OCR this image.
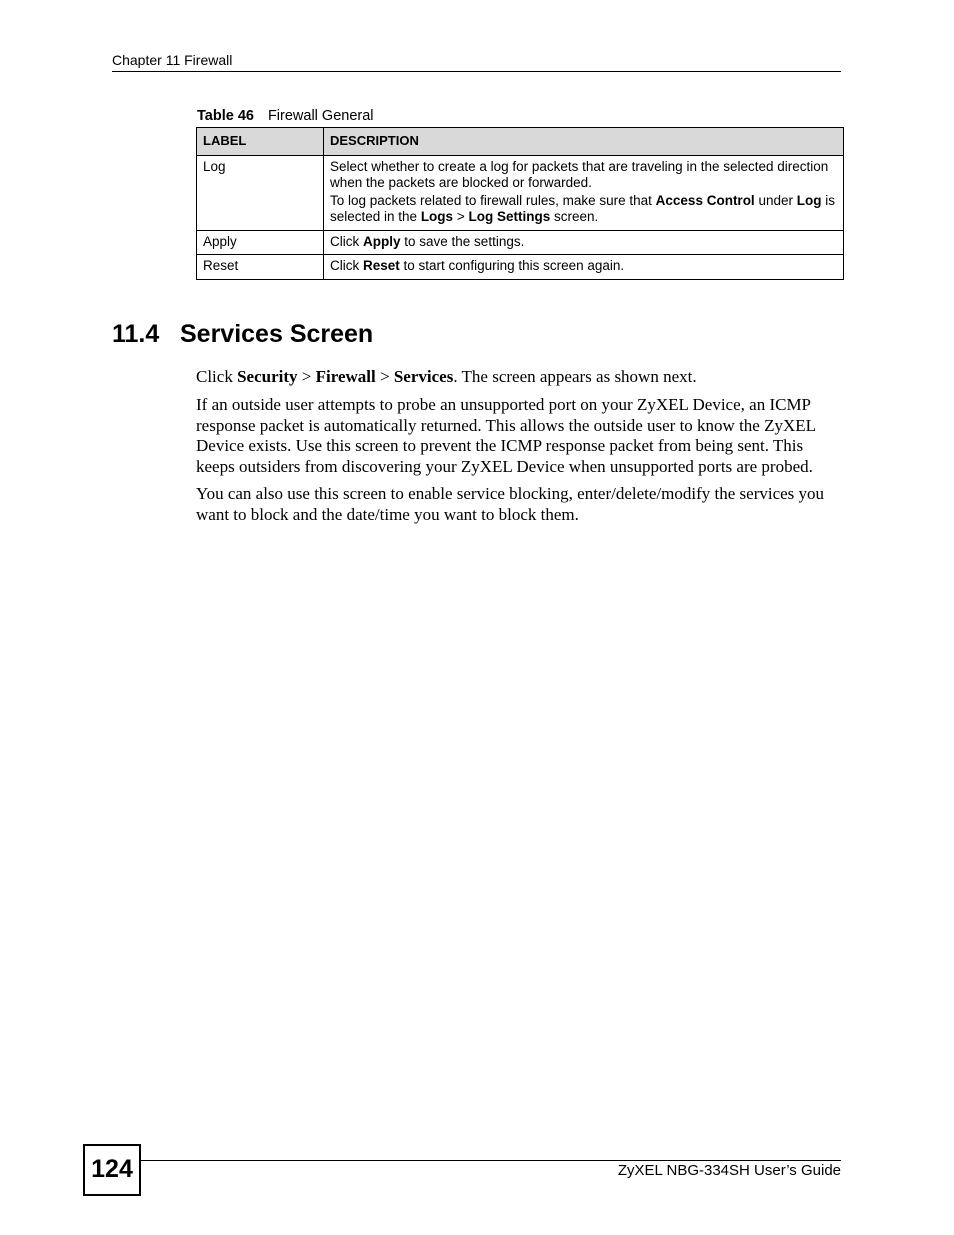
Chapter 11 Firewall
Table 46 Firewall General
LABEL	DESCRIPTION
Log	Select whether to create a log for packets that are traveling in the selected direction when the packets are blocked or forwarded.

To log packets related to firewall rules, make sure that Access Control under Log is selected in the Logs > Log Settings screen.

Apply	Click Apply to save the settings.
Reset	Click Reset to start configuring this screen again.
11.4 Services Screen
Click Security > Firewall > Services. The screen appears as shown next.
If an outside user attempts to probe an unsupported port on your ZyXEL Device, an ICMP response packet is automatically returned. This allows the outside user to know the ZyXEL Device exists. Use this screen to prevent the ICMP response packet from being sent. This keeps outsiders from discovering your ZyXEL Device when unsupported ports are probed.
You can also use this screen to enable service blocking, enter/delete/modify the services you want to block and the date/time you want to block them.
124	ZyXEL NBG-334SH User’s Guide
